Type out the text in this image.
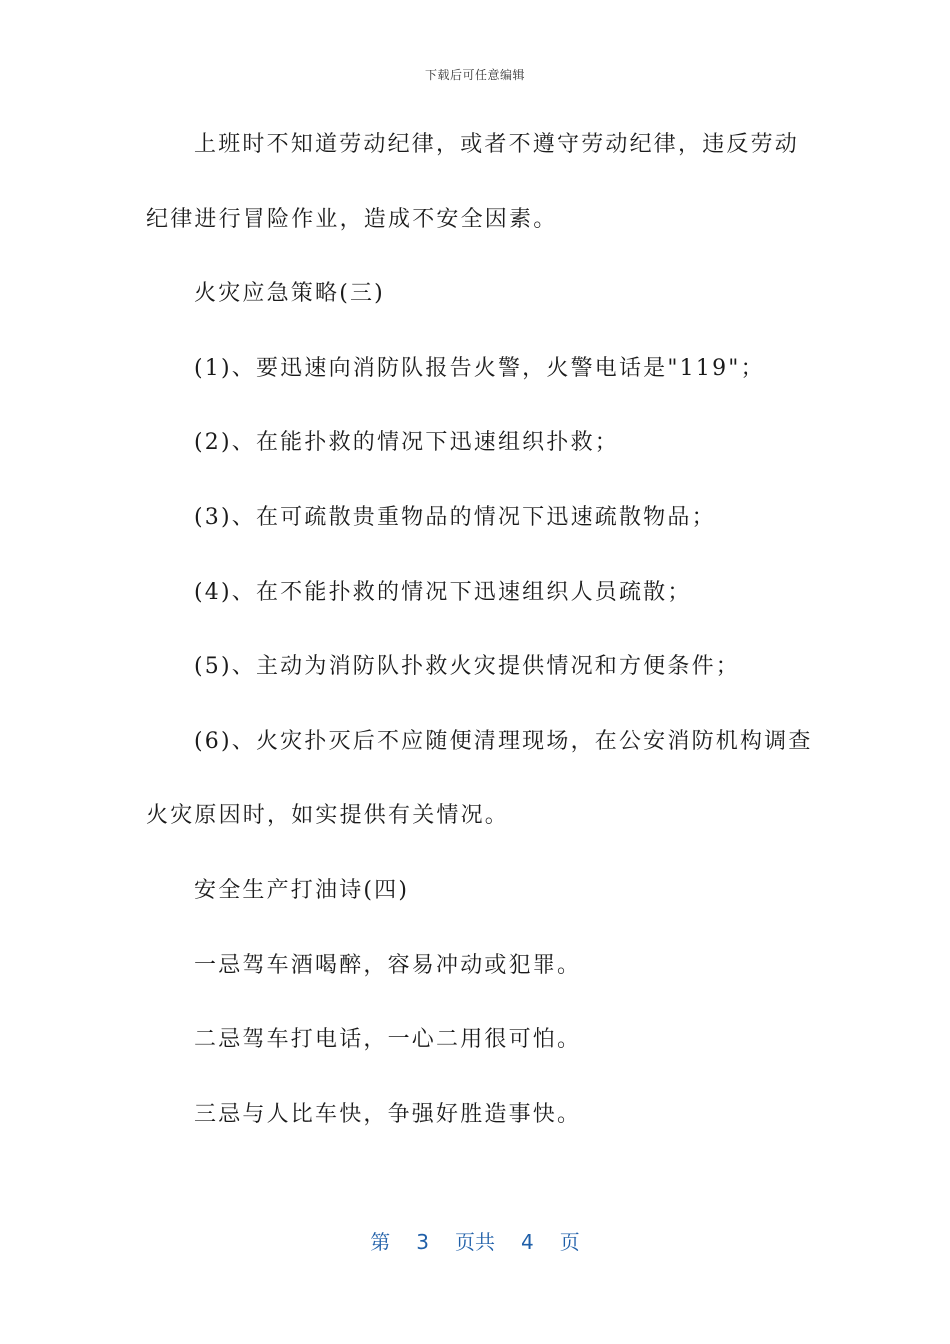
下载后可任意编辑

上班时不知道劳动纪律，或者不遵守劳动纪律，违反劳动纪律进行冒险作业，造成不安全因素。

火灾应急策略(三)

(1)、要迅速向消防队报告火警，火警电话是"119"；

(2)、在能扑救的情况下迅速组织扑救；

(3)、在可疏散贵重物品的情况下迅速疏散物品；

(4)、在不能扑救的情况下迅速组织人员疏散；

(5)、主动为消防队扑救火灾提供情况和方便条件；

(6)、火灾扑灭后不应随便清理现场，在公安消防机构调查火灾原因时，如实提供有关情况。

安全生产打油诗(四)

一忌驾车酒喝醉，容易冲动或犯罪。

二忌驾车打电话，一心二用很可怕。

三忌与人比车快，争强好胜造事快。

第 3 页共 4 页
